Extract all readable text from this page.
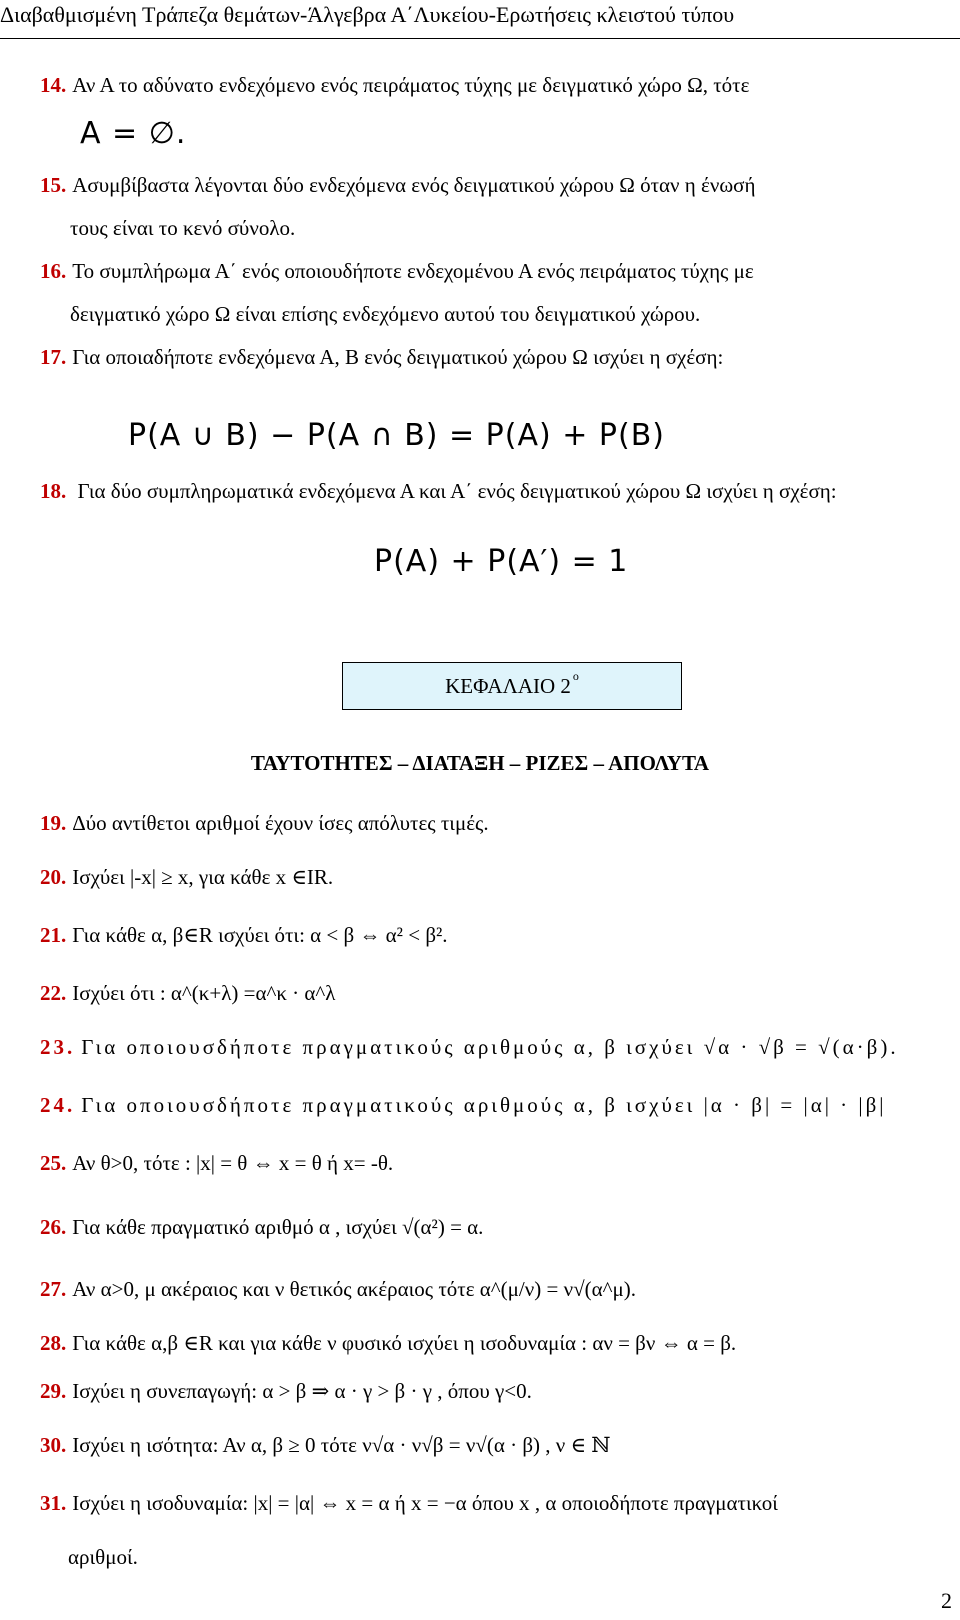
Διαβαθμισμένη Τράπεζα θεμάτων-Άλγεβρα Α΄Λυκείου-Ερωτήσεις κλειστού τύπου
14. Αν Α το αδύνατο ενδεχόμενο ενός πειράματος τύχης με δειγματικό χώρο Ω, τότε
A = ∅.
15. Ασυμβίβαστα λέγονται δύο ενδεχόμενα ενός δειγματικού χώρου Ω όταν η ένωσή
τους είναι το κενό σύνολο.
16. Το συμπλήρωμα Α΄ ενός οποιουδήποτε ενδεχομένου Α ενός πειράματος τύχης με
δειγματικό χώρο Ω είναι επίσης ενδεχόμενο αυτού του δειγματικού χώρου.
17. Για οποιαδήποτε ενδεχόμενα Α, Β ενός δειγματικού χώρου Ω ισχύει η σχέση:
P(A ∪ B) − P(A ∩ B) = P(A) + P(B)
18. Για δύο συμπληρωματικά ενδεχόμενα Α και Α΄ ενός δειγματικού χώρου Ω ισχύει η σχέση:
P(A) + P(A′) = 1
ΚΕΦΑΛΑΙΟ 2 ο
ΤΑΥΤΟΤΗΤΕΣ – ΔΙΑΤΑΞΗ – ΡΙΖΕΣ – ΑΠΟΛΥΤΑ
19. Δύο αντίθετοι αριθμοί έχουν ίσες απόλυτες τιμές.
20. Ισχύει |-x| ≥ x, για κάθε x ∈IR.
21. Για κάθε α, β∈R ισχύει ότι: α < β ⇔ α² < β².
22. Ισχύει ότι : α^(κ+λ) =α^κ · α^λ
23. Για οποιουσδήποτε πραγματικούς αριθμούς α, β ισχύει √α · √β = √(α·β).
24. Για οποιουσδήποτε πραγματικούς αριθμούς α, β ισχύει |α · β| = |α| · |β|
25. Αν θ>0, τότε : |x| = θ ⇔ x = θ ή x= -θ.
26. Για κάθε πραγματικό αριθμό α , ισχύει √(α²) = α.
27. Αν α>0, μ ακέραιος και ν θετικός ακέραιος τότε α^(μ/ν) = ν√(α^μ).
28. Για κάθε α,β ∈R και για κάθε ν φυσικό ισχύει η ισοδυναμία : αν = βν ⇔ α = β.
29. Ισχύει η συνεπαγωγή: α > β ⇒ α · γ > β · γ , όπου γ<0.
30. Ισχύει η ισότητα: Αν α, β ≥ 0 τότε ν√α · ν√β = ν√(α · β) , ν ∈ ℕ
31. Ισχύει η ισοδυναμία: |x| = |α| ⇔ x = α ή x = −α όπου x , α οποιοδήποτε πραγματικοί
αριθμοί.
2
